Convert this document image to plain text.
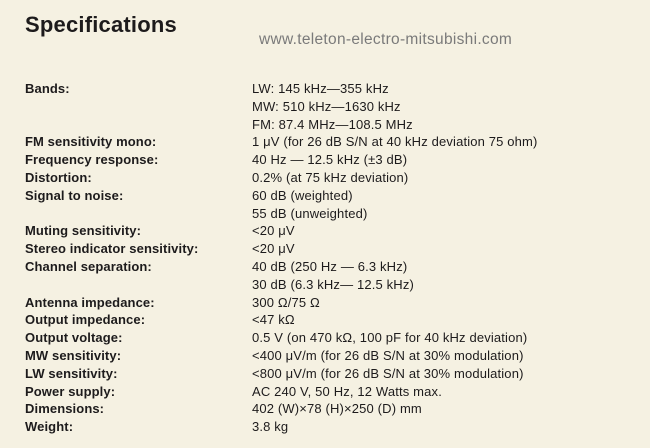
Specifications
www.teleton-electro-mitsubishi.com
Bands:	LW: 145 kHz—355 kHz
MW: 510 kHz—1630 kHz
FM: 87.4 MHz—108.5 MHz
FM sensitivity mono:	1 μV (for 26 dB S/N at 40 kHz deviation 75 ohm)
Frequency response:	40 Hz — 12.5 kHz (±3 dB)
Distortion:	0.2% (at 75 kHz deviation)
Signal to noise:	60 dB (weighted)
55 dB (unweighted)
Muting sensitivity:	<20 μV
Stereo indicator sensitivity:	<20 μV
Channel separation:	40 dB (250 Hz — 6.3 kHz)
30 dB (6.3 kHz— 12.5 kHz)
Antenna impedance:	300 Ω/75 Ω
Output impedance:	<47 kΩ
Output voltage:	0.5 V (on 470 kΩ, 100 pF for 40 kHz deviation)
MW sensitivity:	<400 μV/m (for 26 dB S/N at 30% modulation)
LW sensitivity:	<800 μV/m (for 26 dB S/N at 30% modulation)
Power supply:	AC 240 V, 50 Hz, 12 Watts max.
Dimensions:	402 (W)×78 (H)×250 (D) mm
Weight:	3.8 kg
